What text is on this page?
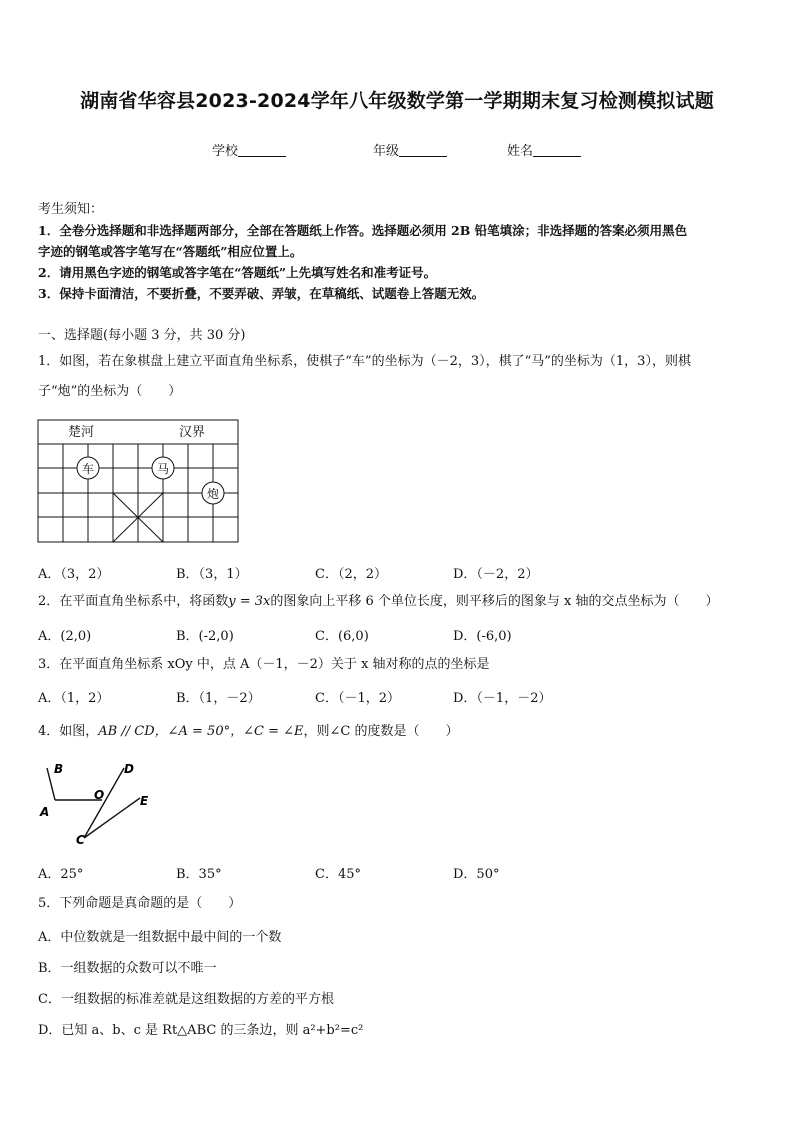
湖南省华容县2023-2024学年八年级数学第一学期期末复习检测模拟试题
学校	年级	姓名
考生须知：
1．全卷分选择题和非选择题两部分，全部在答题纸上作答。选择题必须用 2B 铅笔填涂；非选择题的答案必须用黑色
字迹的钢笔或答字笔写在“答题纸”相应位置上。
2．请用黑色字迹的钢笔或答字笔在“答题纸”上先填写姓名和准考证号。
3．保持卡面清洁，不要折叠，不要弄破、弄皱，在草稿纸、试题卷上答题无效。
一、选择题(每小题 3 分，共 30 分)
1．如图，若在象棋盘上建立平面直角坐标系，使棋子“车”的坐标为（－2，3），棋了“马”的坐标为（1，3），则棋
子“炮”的坐标为（　　）
楚河	汉界
车	马
炮
A．（3，2）	B．（3，1）	C．（2，2）	D．（－2，2）
2．在平面直角坐标系中，将函数y = 3x的图象向上平移 6 个单位长度，则平移后的图象与 x 轴的交点坐标为（　　）
A．(2,0)	B．(-2,0)	C．(6,0)	D．(-6,0)
3．在平面直角坐标系 xOy 中，点 A（－1，－2）关于 x 轴对称的点的坐标是
A．（1，2）	B．（1，－2）	C．（－1，2）	D．（－1，－2）
4．如图，AB // CD，∠A = 50°，∠C = ∠E，则∠C 的度数是（　　）
B	D
O	E
A
C
A．25°	B．35°	C．45°	D．50°
5．下列命题是真命题的是（　　）
A．中位数就是一组数据中最中间的一个数
B．一组数据的众数可以不唯一
C．一组数据的标准差就是这组数据的方差的平方根
D．已知 a、b、c 是 Rt△ABC 的三条边，则 a²+b²=c²
